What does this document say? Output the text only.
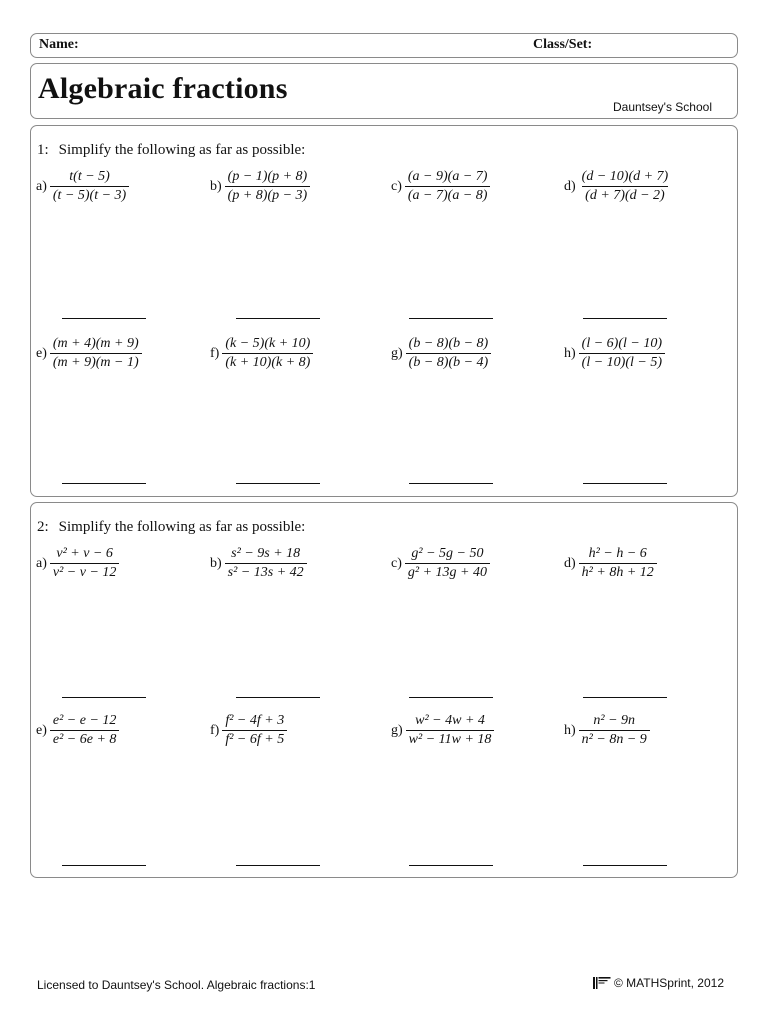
Name:	Class/Set:
Algebraic fractions
Dauntsey's School
1: Simplify the following as far as possible:
$a) \frac{t(t - 5)}{(t - 5)(t - 3)}$	$b) \frac{(p - 1)(p + 8)}{(p + 8)(p - 3)}$	$c) \frac{(a - 9)(a - 7)}{(a - 7)(a - 8)}$	$d) \frac{(d - 10)(d + 7)}{(d + 7)(d - 2)}$
$e) \frac{(m + 4)(m + 9)}{(m + 9)(m - 1)}$	$f) \frac{(k - 5)(k + 10)}{(k + 10)(k + 8)}$	$g) \frac{(b - 8)(b - 8)}{(b - 8)(b - 4)}$	$h) \frac{(l - 6)(l - 10)}{(l - 10)(l - 5)}$
2: Simplify the following as far as possible:
$a) \frac{\text{v² + v − 6}}{\text{v² − v − 12}}$	$b) \frac{\text{s² − 9s + 18}}{\text{s² − 13s + 42}}$	$c) \frac{\text{g² − 5g − 50}}{\text{g² + 13g + 40}}$	$d) \frac{\text{h² − h − 6}}{\text{h² + 8h + 12}}$
$e) \frac{\text{e² − e − 12}}{\text{e² − 6e + 8}}$	$f) \frac{\text{f² − 4f + 3}}{\text{f² − 6f + 5}}$	$g) \frac{\text{w² − 4w + 4}}{\text{w² − 11w + 18}}$	$h) \frac{\text{n² − 9n}}{\text{n² − 8n − 9}}$
Licensed to Dauntsey's School. Algebraic fractions:1	© MATHSprint, 2012
